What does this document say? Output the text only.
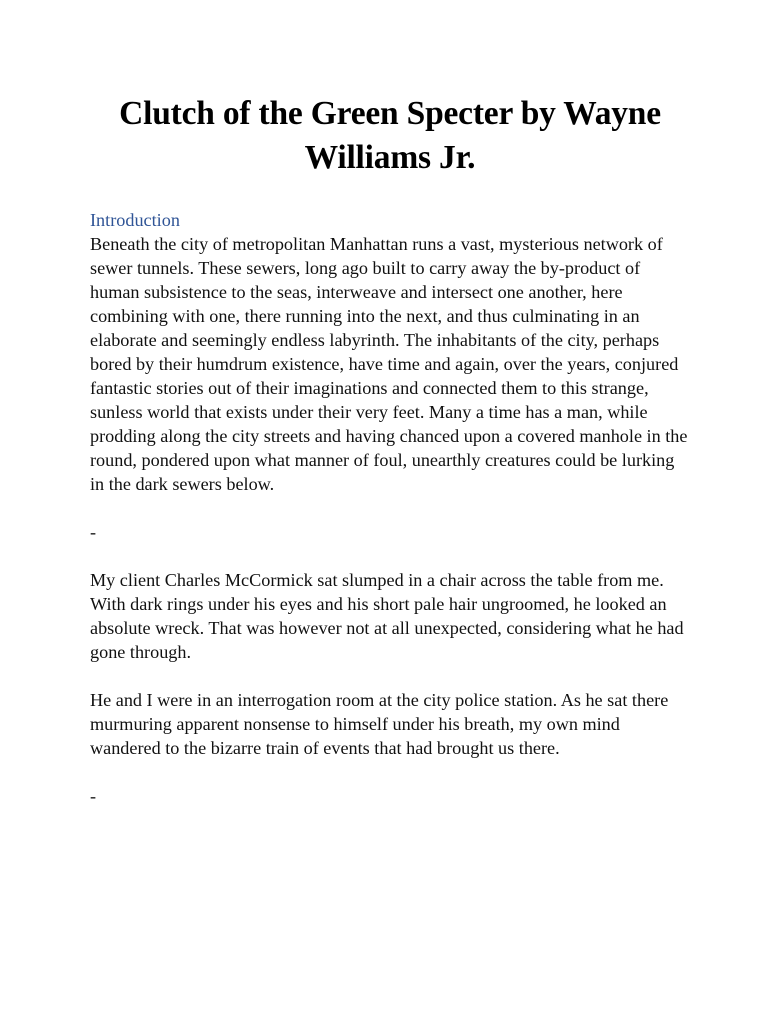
Clutch of the Green Specter by Wayne Williams Jr.
Introduction

Beneath the city of metropolitan Manhattan runs a vast, mysterious network of sewer tunnels. These sewers, long ago built to carry away the by-product of human subsistence to the seas, interweave and intersect one another, here combining with one, there running into the next, and thus culminating in an elaborate and seemingly endless labyrinth. The inhabitants of the city, perhaps bored by their humdrum existence, have time and again, over the years, conjured fantastic stories out of their imaginations and connected them to this strange, sunless world that exists under their very feet. Many a time has a man, while prodding along the city streets and having chanced upon a covered manhole in the round, pondered upon what manner of foul, unearthly creatures could be lurking in the dark sewers below.

-

My client Charles McCormick sat slumped in a chair across the table from me. With dark rings under his eyes and his short pale hair ungroomed, he looked an absolute wreck. That was however not at all unexpected, considering what he had gone through.

He and I were in an interrogation room at the city police station. As he sat there murmuring apparent nonsense to himself under his breath, my own mind wandered to the bizarre train of events that had brought us there.

-
